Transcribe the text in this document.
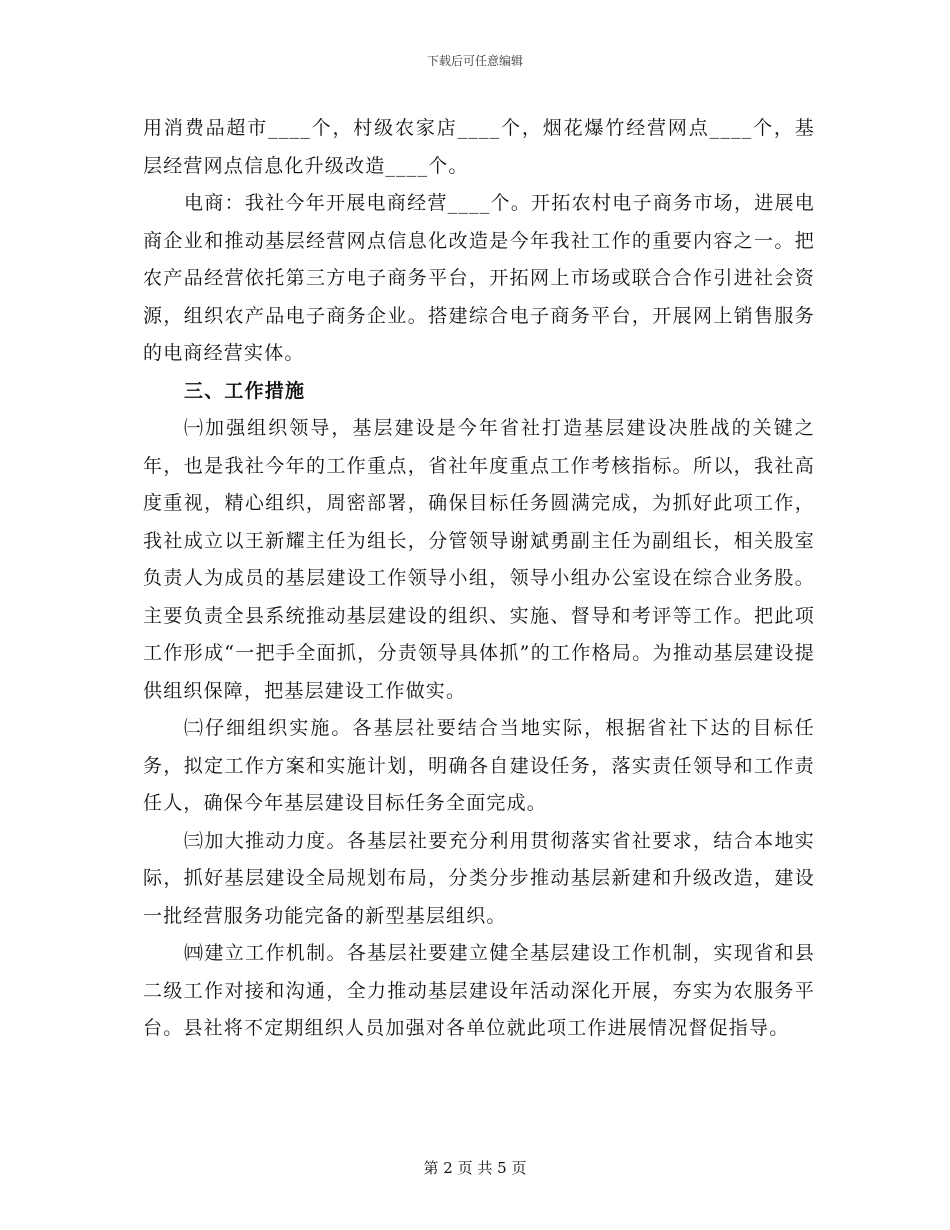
下载后可任意编辑

用消费品超市____个，村级农家店____个，烟花爆竹经营网点____个，基层经营网点信息化升级改造____个。

电商：我社今年开展电商经营____个。开拓农村电子商务市场，进展电商企业和推动基层经营网点信息化改造是今年我社工作的重要内容之一。把农产品经营依托第三方电子商务平台，开拓网上市场或联合合作引进社会资源，组织农产品电子商务企业。搭建综合电子商务平台，开展网上销售服务的电商经营实体。

三、工作措施

㈠加强组织领导，基层建设是今年省社打造基层建设决胜战的关键之年，也是我社今年的工作重点，省社年度重点工作考核指标。所以，我社高度重视，精心组织，周密部署，确保目标任务圆满完成，为抓好此项工作，我社成立以王新耀主任为组长，分管领导谢斌勇副主任为副组长，相关股室负责人为成员的基层建设工作领导小组，领导小组办公室设在综合业务股。主要负责全县系统推动基层建设的组织、实施、督导和考评等工作。把此项工作形成“一把手全面抓，分责领导具体抓”的工作格局。为推动基层建设提供组织保障，把基层建设工作做实。

㈡仔细组织实施。各基层社要结合当地实际，根据省社下达的目标任务，拟定工作方案和实施计划，明确各自建设任务，落实责任领导和工作责任人，确保今年基层建设目标任务全面完成。

㈢加大推动力度。各基层社要充分利用贯彻落实省社要求，结合本地实际，抓好基层建设全局规划布局，分类分步推动基层新建和升级改造，建设一批经营服务功能完备的新型基层组织。

㈣建立工作机制。各基层社要建立健全基层建设工作机制，实现省和县二级工作对接和沟通，全力推动基层建设年活动深化开展，夯实为农服务平台。县社将不定期组织人员加强对各单位就此项工作进展情况督促指导。

第 2 页 共 5 页
